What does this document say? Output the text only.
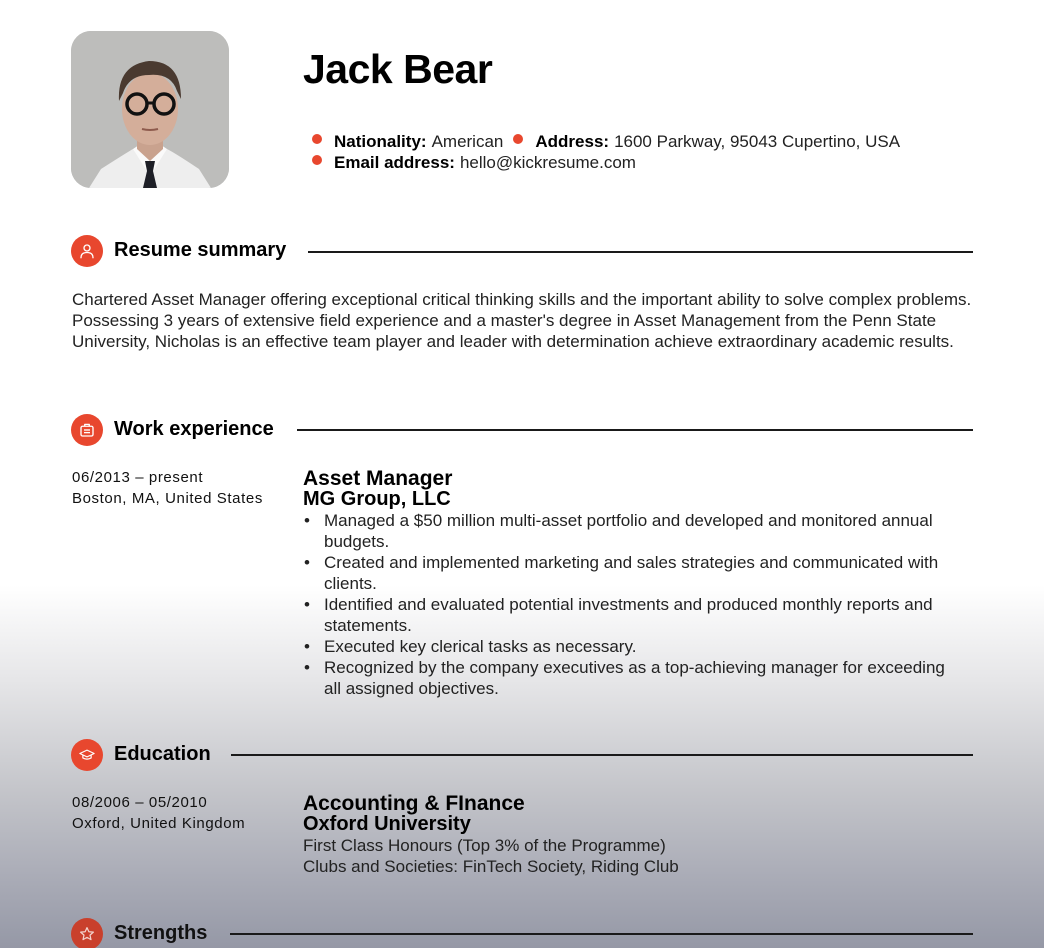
Jack Bear
Nationality: American Address: 1600 Parkway, 95043 Cupertino, USA
Email address: hello@kickresume.com
Resume summary
Chartered Asset Manager offering exceptional critical thinking skills and the important ability to solve complex problems. Possessing 3 years of extensive field experience and a master's degree in Asset Management from the Penn State University, Nicholas is an effective team player and leader with determination achieve extraordinary academic results.
Work experience
06/2013 – present
Boston, MA, United States
Asset Manager
MG Group, LLC
• Managed a $50 million multi-asset portfolio and developed and monitored annual budgets.
• Created and implemented marketing and sales strategies and communicated with clients.
• Identified and evaluated potential investments and produced monthly reports and statements.
• Executed key clerical tasks as necessary.
• Recognized by the company executives as a top-achieving manager for exceeding all assigned objectives.
Education
08/2006 – 05/2010
Oxford, United Kingdom
Accounting & FInance
Oxford University
First Class Honours (Top 3% of the Programme)
Clubs and Societies: FinTech Society, Riding Club
Strengths
